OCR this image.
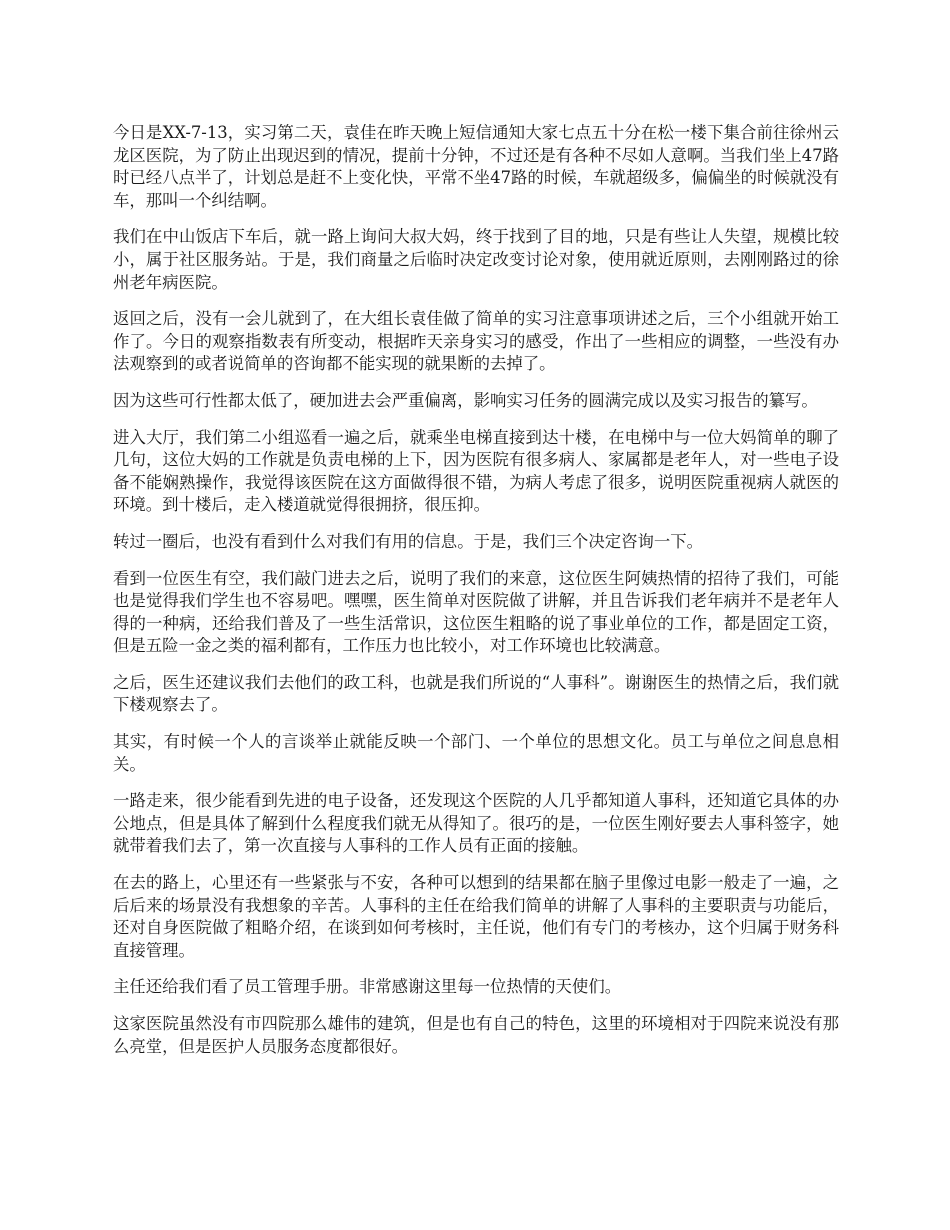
今日是XX-7-13，实习第二天，袁佳在昨天晚上短信通知大家七点五十分在松一楼下集合前往徐州云龙区医院，为了防止出现迟到的情况，提前十分钟，不过还是有各种不尽如人意啊。当我们坐上47路时已经八点半了，计划总是赶不上变化快，平常不坐47路的时候，车就超级多，偏偏坐的时候就没有车，那叫一个纠结啊。

我们在中山饭店下车后，就一路上询问大叔大妈，终于找到了目的地，只是有些让人失望，规模比较小，属于社区服务站。于是，我们商量之后临时决定改变讨论对象，使用就近原则，去刚刚路过的徐州老年病医院。

返回之后，没有一会儿就到了，在大组长袁佳做了简单的实习注意事项讲述之后，三个小组就开始工作了。今日的观察指数表有所变动，根据昨天亲身实习的感受，作出了一些相应的调整，一些没有办法观察到的或者说简单的咨询都不能实现的就果断的去掉了。

因为这些可行性都太低了，硬加进去会严重偏离，影响实习任务的圆满完成以及实习报告的纂写。

进入大厅，我们第二小组巡看一遍之后，就乘坐电梯直接到达十楼，在电梯中与一位大妈简单的聊了几句，这位大妈的工作就是负责电梯的上下，因为医院有很多病人、家属都是老年人，对一些电子设备不能娴熟操作，我觉得该医院在这方面做得很不错，为病人考虑了很多，说明医院重视病人就医的环境。到十楼后，走入楼道就觉得很拥挤，很压抑。

转过一圈后，也没有看到什么对我们有用的信息。于是，我们三个决定咨询一下。

看到一位医生有空，我们敲门进去之后，说明了我们的来意，这位医生阿姨热情的招待了我们，可能也是觉得我们学生也不容易吧。嘿嘿，医生简单对医院做了讲解，并且告诉我们老年病并不是老年人得的一种病，还给我们普及了一些生活常识，这位医生粗略的说了事业单位的工作，都是固定工资，但是五险一金之类的福利都有，工作压力也比较小，对工作环境也比较满意。

之后，医生还建议我们去他们的政工科，也就是我们所说的“人事科”。谢谢医生的热情之后，我们就下楼观察去了。

其实，有时候一个人的言谈举止就能反映一个部门、一个单位的思想文化。员工与单位之间息息相关。

一路走来，很少能看到先进的电子设备，还发现这个医院的人几乎都知道人事科，还知道它具体的办公地点，但是具体了解到什么程度我们就无从得知了。很巧的是，一位医生刚好要去人事科签字，她就带着我们去了，第一次直接与人事科的工作人员有正面的接触。

在去的路上，心里还有一些紧张与不安，各种可以想到的结果都在脑子里像过电影一般走了一遍，之后后来的场景没有我想象的辛苦。人事科的主任在给我们简单的讲解了人事科的主要职责与功能后，还对自身医院做了粗略介绍，在谈到如何考核时，主任说，他们有专门的考核办，这个归属于财务科直接管理。

主任还给我们看了员工管理手册。非常感谢这里每一位热情的天使们。

这家医院虽然没有市四院那么雄伟的建筑，但是也有自己的特色，这里的环境相对于四院来说没有那么亮堂，但是医护人员服务态度都很好。
